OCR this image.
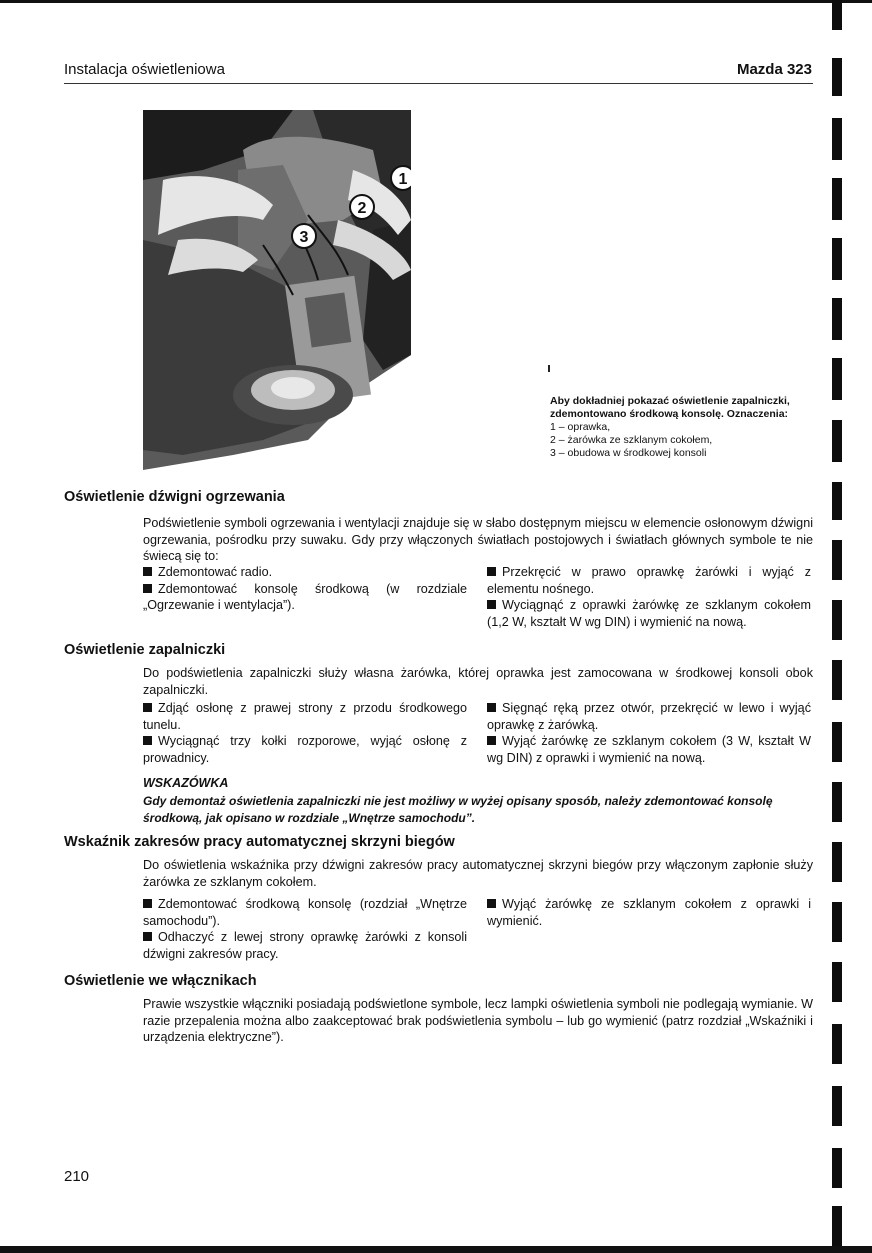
Instalacja oświetleniowa	Mazda 323
1
2
3
Aby dokładniej pokazać oświetlenie zapalniczki, zdemontowano środkową konsolę. Oznaczenia:
1 – oprawka,
2 – żarówka ze szklanym cokołem,
3 – obudowa w środkowej konsoli
Oświetlenie dźwigni ogrzewania
Podświetlenie symboli ogrzewania i wentylacji znajduje się w słabo dostępnym miejscu w elemencie osłonowym dźwigni ogrzewania, pośrodku przy suwaku. Gdy przy włączonych światłach postojowych i światłach głównych symbole te nie świecą się to:
Zdemontować radio.
Zdemontować konsolę środkową (w rozdziale „Ogrzewanie i wentylacja”).
Przekręcić w prawo oprawkę żarówki i wyjąć z elementu nośnego.
Wyciągnąć z oprawki żarówkę ze szklanym cokołem (1,2 W, kształt W wg DIN) i wymienić na nową.
Oświetlenie zapalniczki
Do podświetlenia zapalniczki służy własna żarówka, której oprawka jest zamocowana w środkowej konsoli obok zapalniczki.
Zdjąć osłonę z prawej strony z przodu środkowego tunelu.
Wyciągnąć trzy kołki rozporowe, wyjąć osłonę z prowadnicy.
Sięgnąć ręką przez otwór, przekręcić w lewo i wyjąć oprawkę z żarówką.
Wyjąć żarówkę ze szklanym cokołem (3 W, kształt W wg DIN) z oprawki i wymienić na nową.
WSKAZÓWKA
Gdy demontaż oświetlenia zapalniczki nie jest możliwy w wyżej opisany sposób, należy zdemontować konsolę środkową, jak opisano w rozdziale „Wnętrze samochodu”.
Wskaźnik zakresów pracy automatycznej skrzyni biegów
Do oświetlenia wskaźnika przy dźwigni zakresów pracy automatycznej skrzyni biegów przy włączonym zapłonie służy żarówka ze szklanym cokołem.
Zdemontować środkową konsolę (rozdział „Wnętrze samochodu”).
Odhaczyć z lewej strony oprawkę żarówki z konsoli dźwigni zakresów pracy.
Wyjąć żarówkę ze szklanym cokołem z oprawki i wymienić.
Oświetlenie we włącznikach
Prawie wszystkie włączniki posiadają podświetlone symbole, lecz lampki oświetlenia symboli nie podlegają wymianie. W razie przepalenia można albo zaakceptować brak podświetlenia symbolu – lub go wymienić (patrz rozdział „Wskaźniki i urządzenia elektryczne”).
210
